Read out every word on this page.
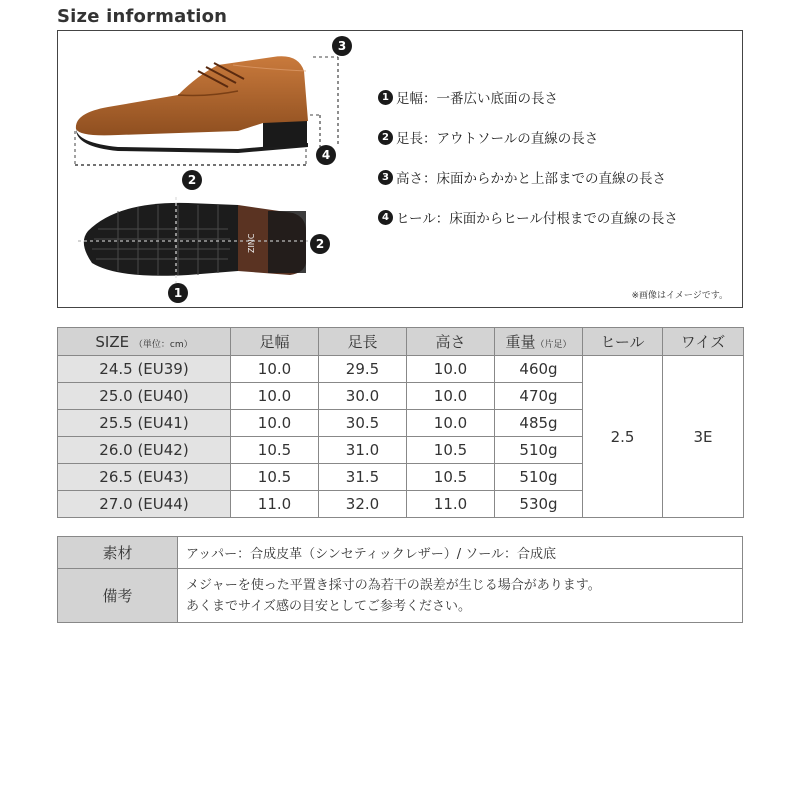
Size information
ZINC
2
3
4
2
1
1 足幅：一番広い底面の長さ
2 足長：アウトソールの直線の長さ
3 高さ：床面からかかと上部までの直線の長さ
4 ヒール：床面からヒール付根までの直線の長さ
※画像はイメージです。
SIZE （単位：cm）	足幅	足長	高さ	重量（片足）	ヒール	ワイズ
24.5 (EU39)	10.0	29.5	10.0	460g	2.5	3E
25.0 (EU40)	10.0	30.0	10.0	470g		
25.5 (EU41)	10.0	30.5	10.0	485g		
26.0 (EU42)	10.5	31.0	10.5	510g		
26.5 (EU43)	10.5	31.5	10.5	510g		
27.0 (EU44)	11.0	32.0	11.0	530g		
素材	アッパー：合成皮革（シンセティックレザー）/ ソール：合成底
備考	メジャーを使った平置き採寸の為若干の誤差が生じる場合があります。
あくまでサイズ感の目安としてご参考ください。
